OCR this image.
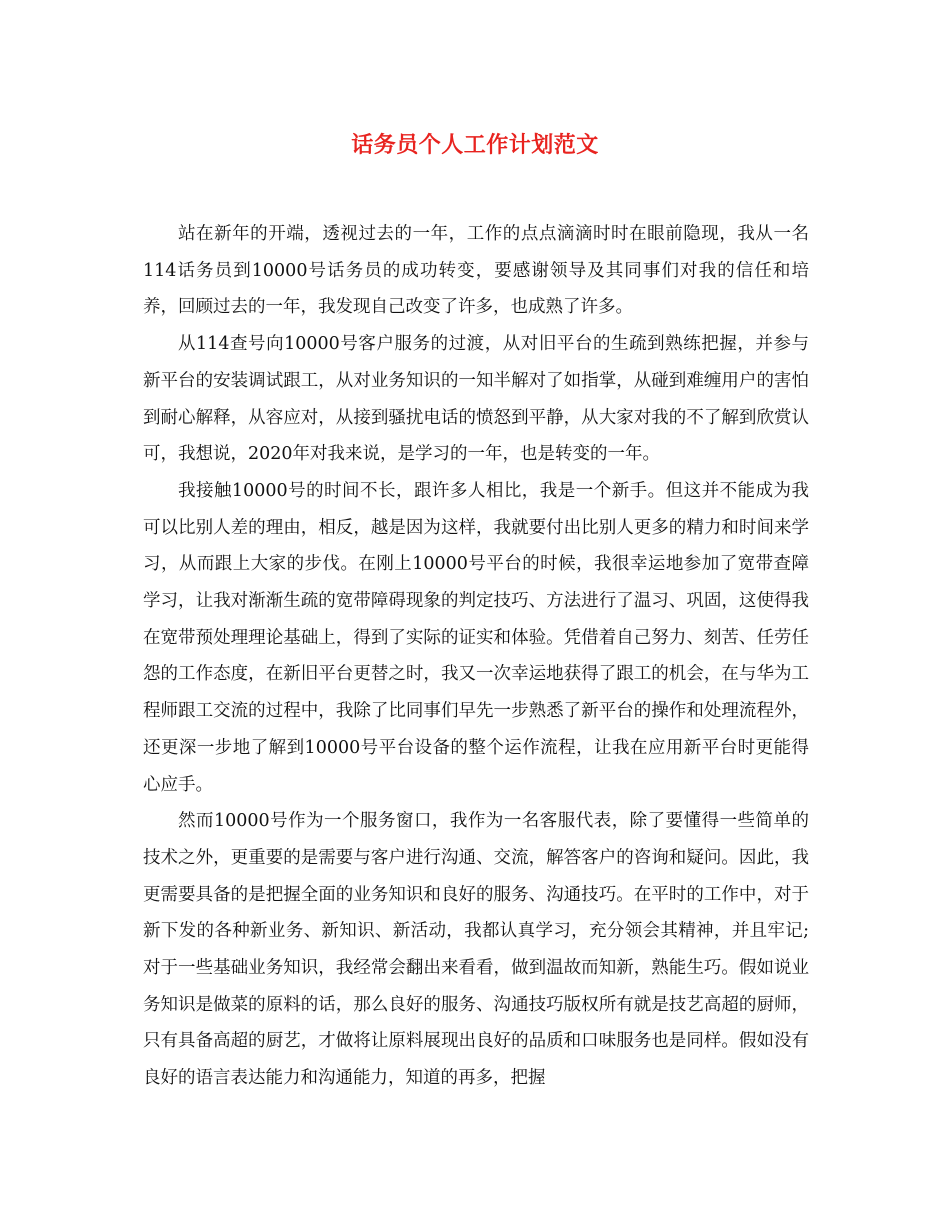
话务员个人工作计划范文

站在新年的开端，透视过去的一年，工作的点点滴滴时时在眼前隐现，我从一名114话务员到10000号话务员的成功转变，要感谢领导及其同事们对我的信任和培养，回顾过去的一年，我发现自己改变了许多，也成熟了许多。

从114查号向10000号客户服务的过渡，从对旧平台的生疏到熟练把握，并参与新平台的安装调试跟工，从对业务知识的一知半解对了如指掌，从碰到难缠用户的害怕到耐心解释，从容应对，从接到骚扰电话的愤怒到平静，从大家对我的不了解到欣赏认可，我想说，2020年对我来说，是学习的一年，也是转变的一年。

我接触10000号的时间不长，跟许多人相比，我是一个新手。但这并不能成为我可以比别人差的理由，相反，越是因为这样，我就要付出比别人更多的精力和时间来学习，从而跟上大家的步伐。在刚上10000号平台的时候，我很幸运地参加了宽带查障学习，让我对渐渐生疏的宽带障碍现象的判定技巧、方法进行了温习、巩固，这使得我在宽带预处理理论基础上，得到了实际的证实和体验。凭借着自己努力、刻苦、任劳任怨的工作态度，在新旧平台更替之时，我又一次幸运地获得了跟工的机会，在与华为工程师跟工交流的过程中，我除了比同事们早先一步熟悉了新平台的操作和处理流程外，还更深一步地了解到10000号平台设备的整个运作流程，让我在应用新平台时更能得心应手。

然而10000号作为一个服务窗口，我作为一名客服代表，除了要懂得一些简单的技术之外，更重要的是需要与客户进行沟通、交流，解答客户的咨询和疑问。因此，我更需要具备的是把握全面的业务知识和良好的服务、沟通技巧。在平时的工作中，对于新下发的各种新业务、新知识、新活动，我都认真学习，充分领会其精神，并且牢记;对于一些基础业务知识，我经常会翻出来看看，做到温故而知新，熟能生巧。假如说业务知识是做菜的原料的话，那么良好的服务、沟通技巧版权所有就是技艺高超的厨师，只有具备高超的厨艺，才做将让原料展现出良好的品质和口味服务也是同样。假如没有良好的语言表达能力和沟通能力，知道的再多，把握
